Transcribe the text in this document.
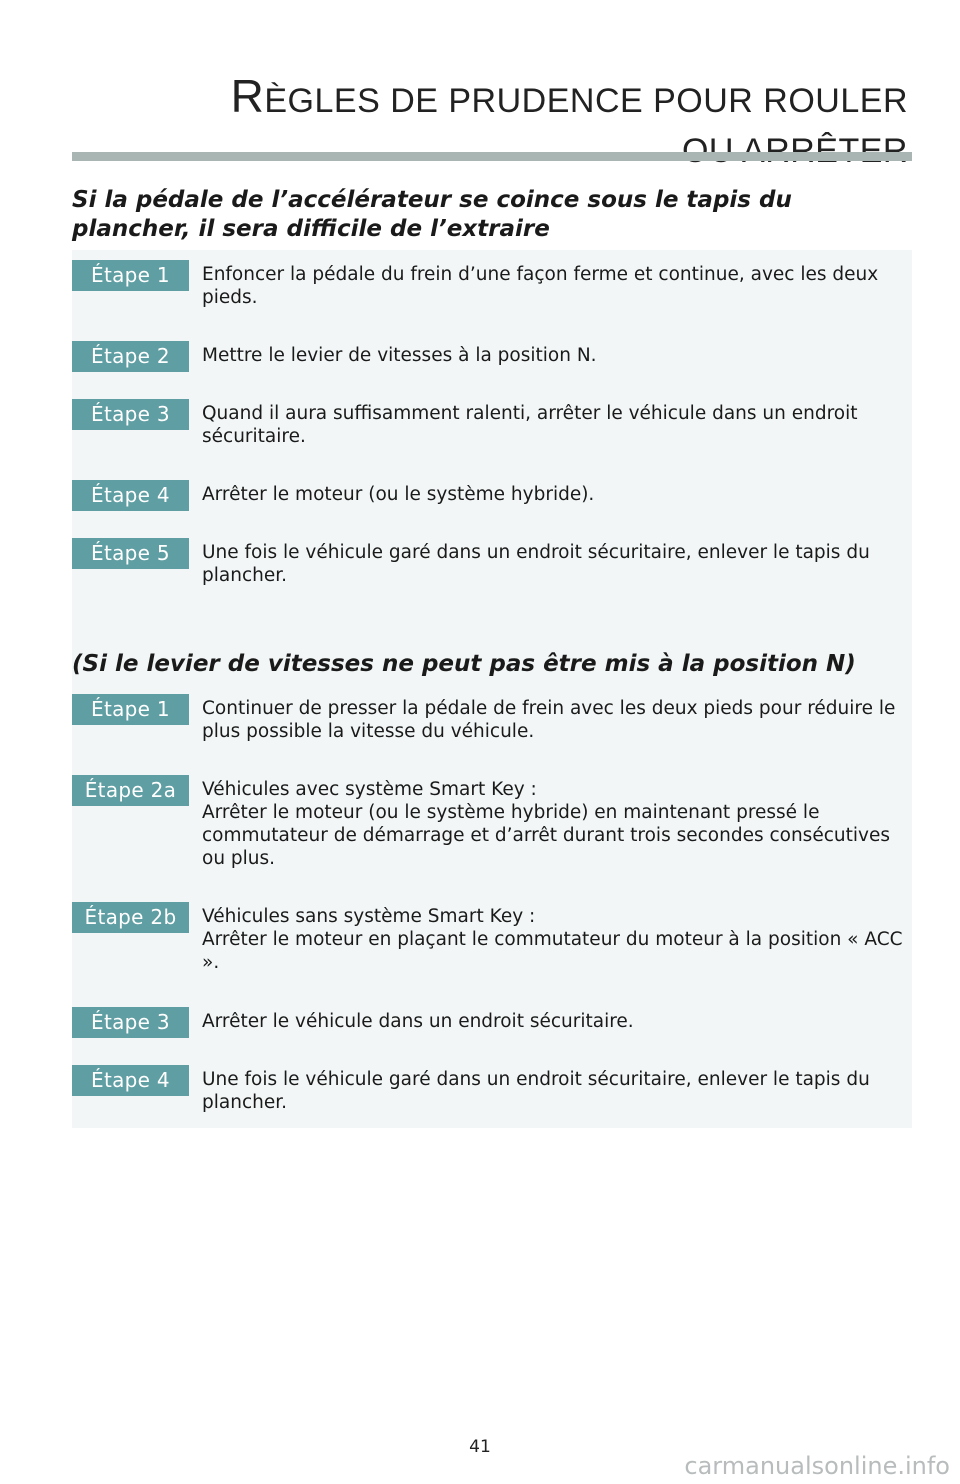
RÈGLES DE PRUDENCE POUR ROULER
Si la pédale de l’accélérateur se coince sous le tapis du plancher, il sera difficile de l’extraire
Étape 1	Enfoncer la pédale du frein d’une façon ferme et continue, avec les deux pieds.
Étape 2	Mettre le levier de vitesses à la position N.
Étape 3	Quand il aura suffisamment ralenti, arrêter le véhicule dans un endroit sécuritaire.
Étape 4	Arrêter le moteur (ou le système hybride).
Étape 5	Une fois le véhicule garé dans un endroit sécuritaire, enlever le tapis du plancher.
Étape 1	Continuer de presser la pédale de frein avec les deux pieds pour réduire le plus possible la vitesse du véhicule.
Étape 2a	Véhicules avec système Smart Key :
Arrêter le moteur (ou le système hybride) en maintenant pressé le commutateur de démarrage et d’arrêt durant trois secondes consécutives ou plus.
Étape 2b	Véhicules sans système Smart Key :
Arrêter le moteur en plaçant le commutateur du moteur à la position « ACC ».
Étape 3	Arrêter le véhicule dans un endroit sécuritaire.
Étape 4	Une fois le véhicule garé dans un endroit sécuritaire, enlever le tapis du plancher.
(Si le levier de vitesses ne peut pas être mis à la position N)
41
carmanualsonline.info
